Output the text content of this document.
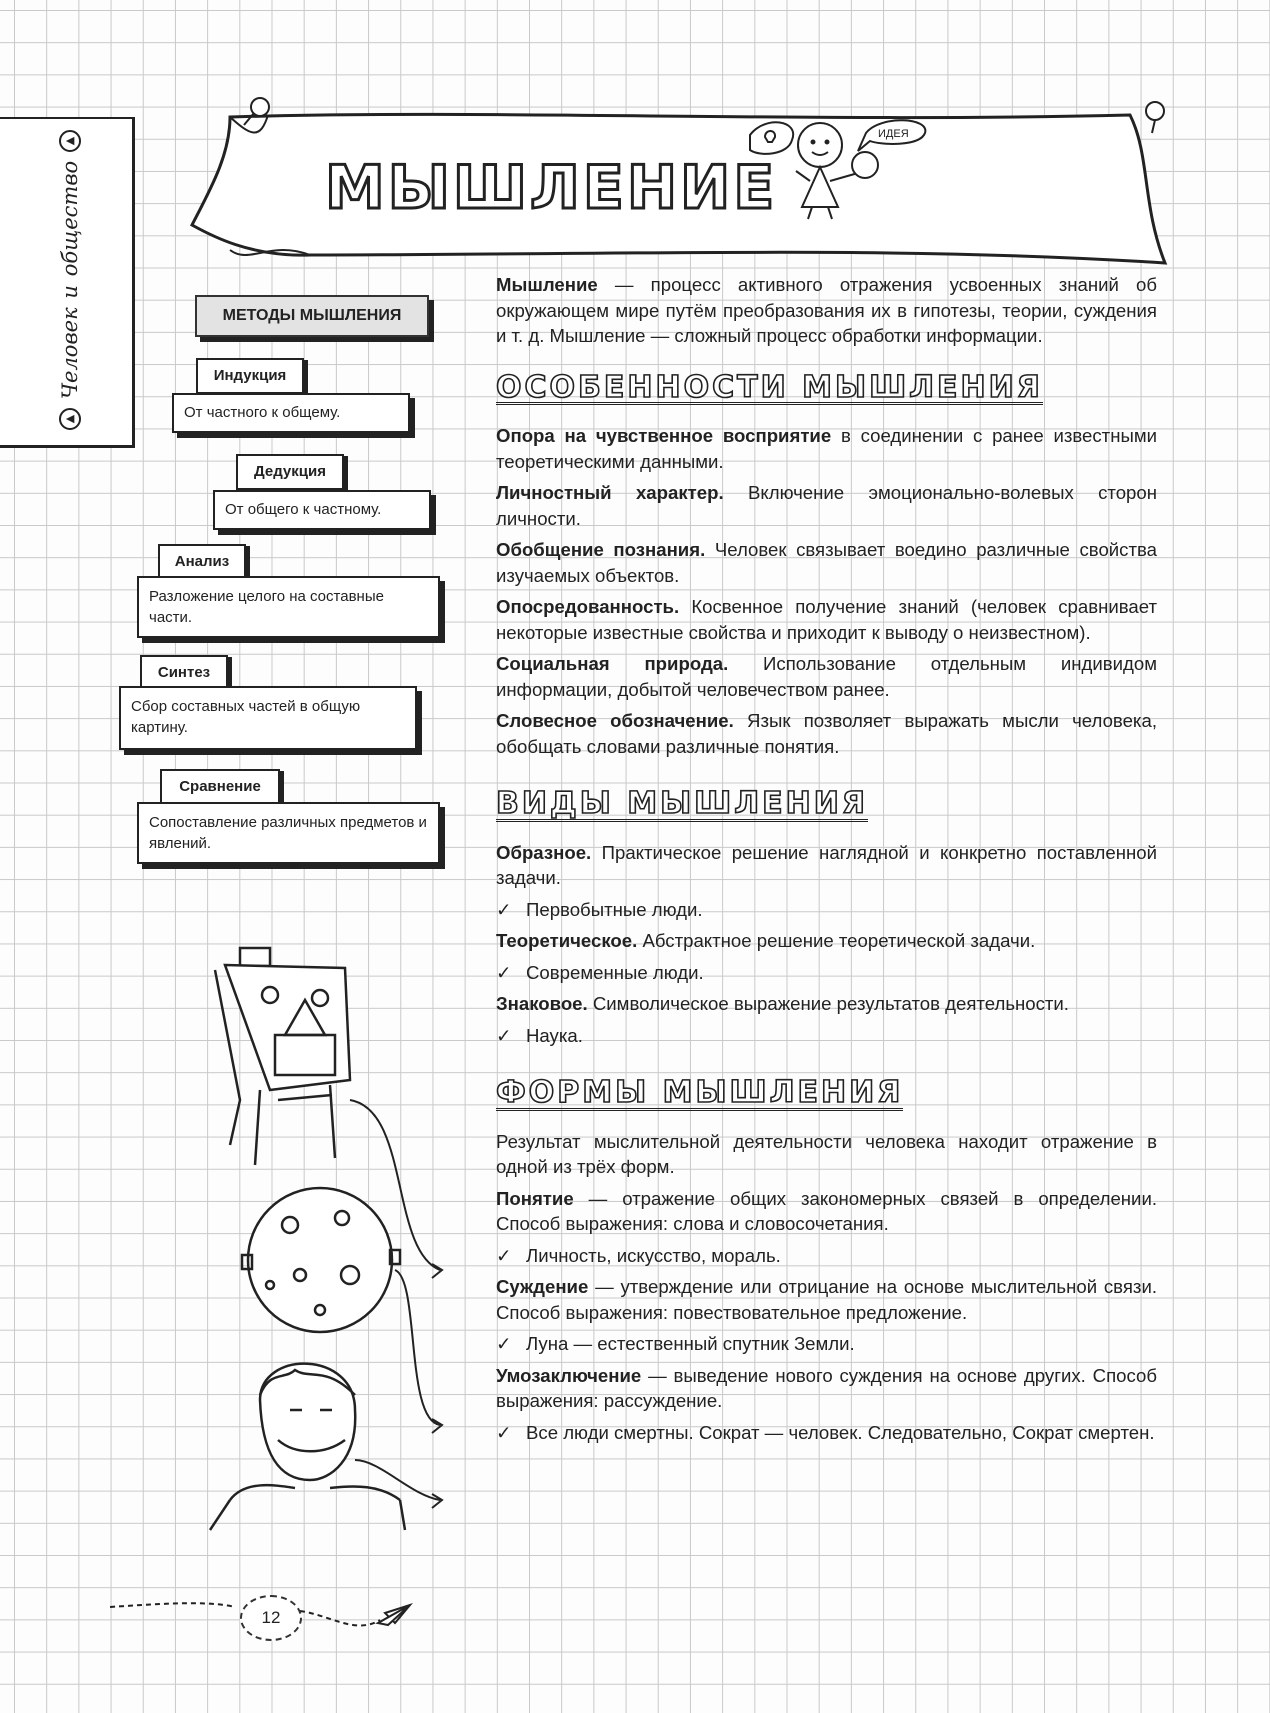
▲
Человек
и
общество
▲
ИДЕЯ
МЫШЛЕНИЕ
МЕТОДЫ МЫШЛЕНИЯ
Индукция
От частного к общему.
Дедукция
От общего к частному.
Анализ
Разложение целого на составные части.
Синтез
Сбор составных частей в общую картину.
Сравнение
Сопоставление различных предметов и явлений.
12

Мышление — процесс активного отражения усвоенных знаний об окружающем мире путём преобразования их в гипотезы, теории, суждения и т. д. Мышление — сложный процесс обработки информации.

ОСОБЕННОСТИ МЫШЛЕНИЯ

Опора на чувственное восприятие в соединении с ранее известными теоретическими данными.

Личностный характер. Включение эмоционально-волевых сторон личности.

Обобщение познания. Человек связывает воедино различные свойства изучаемых объектов.

Опосредованность. Косвенное получение знаний (человек сравнивает некоторые известные свойства и приходит к выводу о неизвестном).

Социальная природа. Использование отдельным индивидом информации, добытой человечеством ранее.

Словесное обозначение. Язык позволяет выражать мысли человека, обобщать словами различные понятия.

ВИДЫ МЫШЛЕНИЯ

Образное. Практическое решение наглядной и конкретно поставленной задачи.

✓ Первобытные люди.

Теоретическое. Абстрактное решение теоретической задачи.

✓ Современные люди.

Знаковое. Символическое выражение результатов деятельности.

✓ Наука.

ФОРМЫ МЫШЛЕНИЯ

Результат мыслительной деятельности человека находит отражение в одной из трёх форм.

Понятие — отражение общих закономерных связей в определении. Способ выражения: слова и словосочетания.

✓ Личность, искусство, мораль.

Суждение — утверждение или отрицание на основе мыслительной связи. Способ выражения: повествовательное предложение.

✓ Луна — естественный спутник Земли.

Умозаключение — выведение нового суждения на основе других. Способ выражения: рассуждение.

✓ Все люди смертны. Сократ — человек. Следовательно, Сократ смертен.
